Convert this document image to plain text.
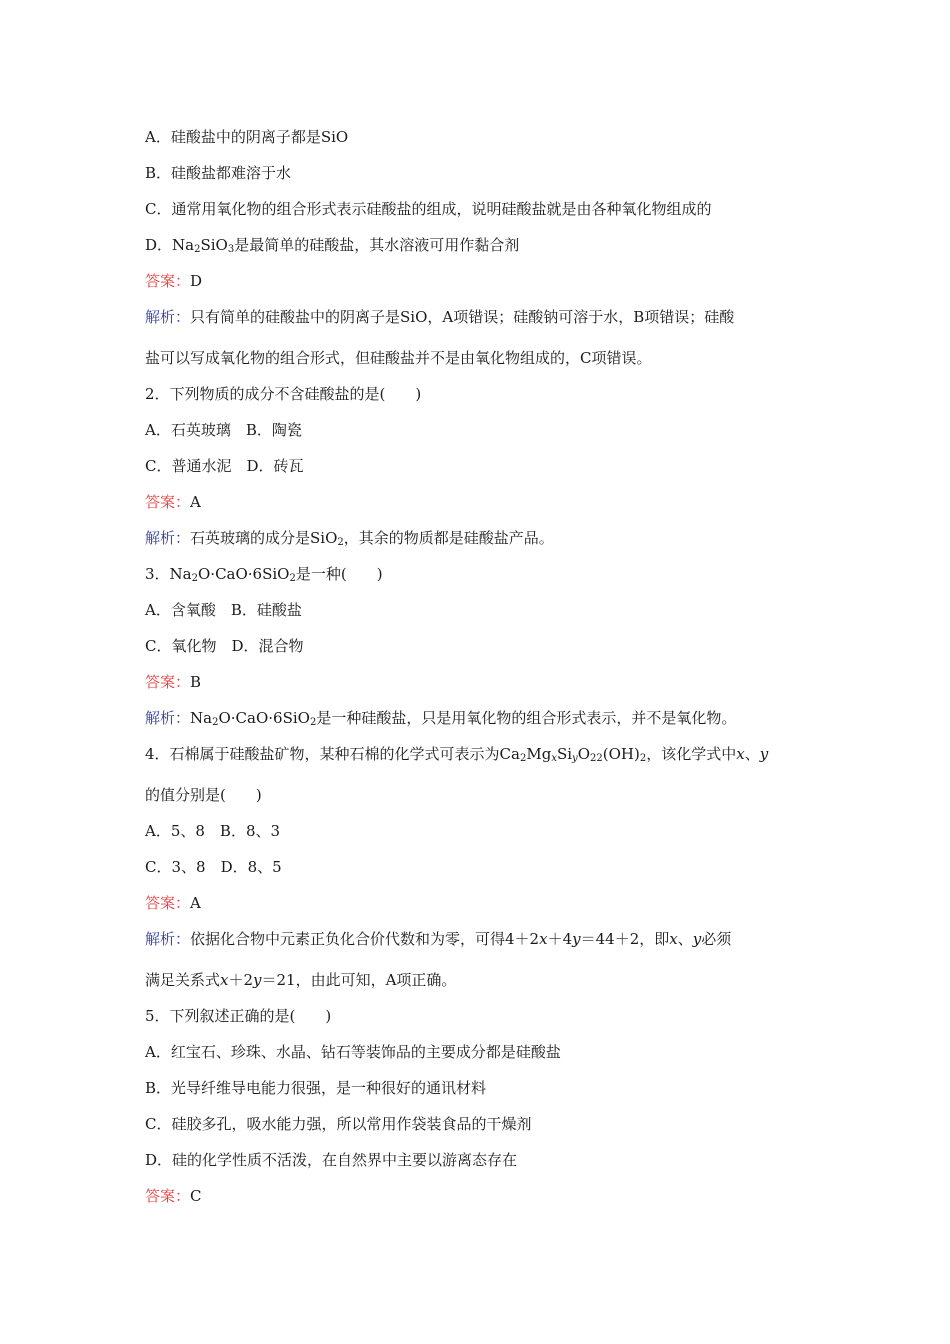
A．硅酸盐中的阴离子都是SiO
B．硅酸盐都难溶于水
C．通常用氧化物的组合形式表示硅酸盐的组成，说明硅酸盐就是由各种氧化物组成的
D．$Na_2SiO_3$是最简单的硅酸盐，其水溶液可用作黏合剂
答案：D
解析：只有简单的硅酸盐中的阴离子是SiO，A项错误；硅酸钠可溶于水，B项错误；硅酸
盐可以写成氧化物的组合形式，但硅酸盐并不是由氧化物组成的，C项错误。
2．下列物质的成分不含硅酸盐的是(　　)
A．石英玻璃　B．陶瓷
C．普通水泥　D．砖瓦
答案：A
解析：石英玻璃的成分是SiO$_2$，其余的物质都是硅酸盐产品。
3．$Na_2O\cdot CaO\cdot 6SiO_2$是一种(　　)
A．含氧酸　B．硅酸盐
C．氧化物　D．混合物
答案：B
解析：$Na_2O\cdot CaO\cdot 6SiO_2$是一种硅酸盐，只是用氧化物的组合形式表示，并不是氧化物。
4．石棉属于硅酸盐矿物，某种石棉的化学式可表示为$Ca_2Mg_xSi_yO_{22}(OH)_2$，该化学式中x、y
的值分别是(　　)
A．5、8　B．8、3
C．3、8　D．8、5
答案：A
解析：依据化合物中元素正负化合价代数和为零，可得4＋2x＋4y＝44＋2，即x、y必须
满足关系式x＋2y＝21，由此可知，A项正确。
5．下列叙述正确的是(　　)
A．红宝石、珍珠、水晶、钻石等装饰品的主要成分都是硅酸盐
B．光导纤维导电能力很强，是一种很好的通讯材料
C．硅胶多孔，吸水能力强，所以常用作袋装食品的干燥剂
D．硅的化学性质不活泼，在自然界中主要以游离态存在
答案：C
